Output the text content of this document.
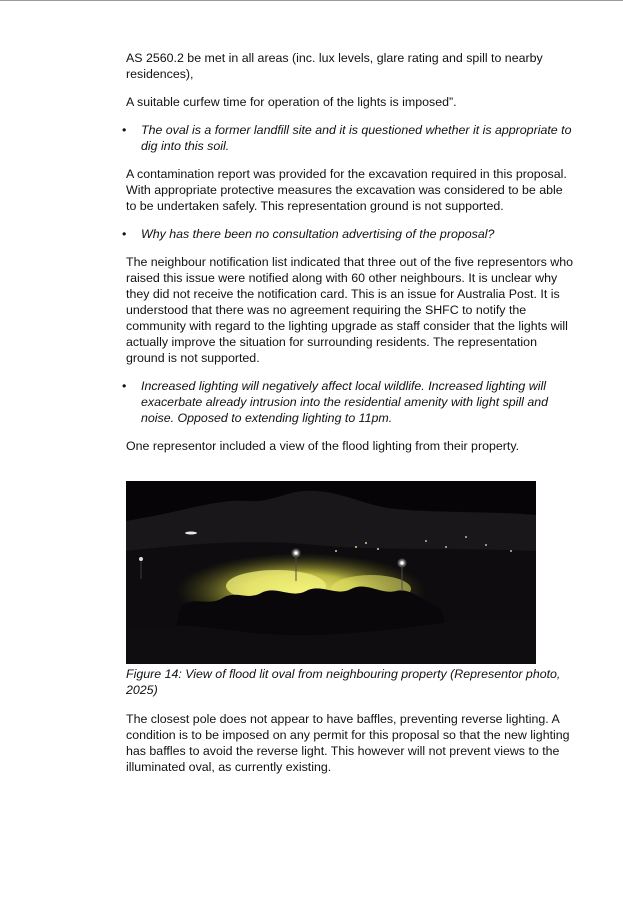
AS 2560.2 be met in all areas (inc. lux levels, glare rating and spill to nearby residences),

A suitable curfew time for operation of the lights is imposed”.

• The oval is a former landfill site and it is questioned whether it is appropriate to dig into this soil.

A contamination report was provided for the excavation required in this proposal. With appropriate protective measures the excavation was considered to be able to be undertaken safely. This representation ground is not supported.

• Why has there been no consultation advertising of the proposal?

The neighbour notification list indicated that three out of the five representors who raised this issue were notified along with 60 other neighbours. It is unclear why they did not receive the notification card. This is an issue for Australia Post. It is understood that there was no agreement requiring the SHFC to notify the community with regard to the lighting upgrade as staff consider that the lights will actually improve the situation for surrounding residents. The representation ground is not supported.

• Increased lighting will negatively affect local wildlife. Increased lighting will exacerbate already intrusion into the residential amenity with light spill and noise. Opposed to extending lighting to 11pm.

One representor included a view of the flood lighting from their property.

Figure 14: View of flood lit oval from neighbouring property (Representor photo, 2025)

The closest pole does not appear to have baffles, preventing reverse lighting. A condition is to be imposed on any permit for this proposal so that the new lighting has baffles to avoid the reverse light. This however will not prevent views to the illuminated oval, as currently existing.
